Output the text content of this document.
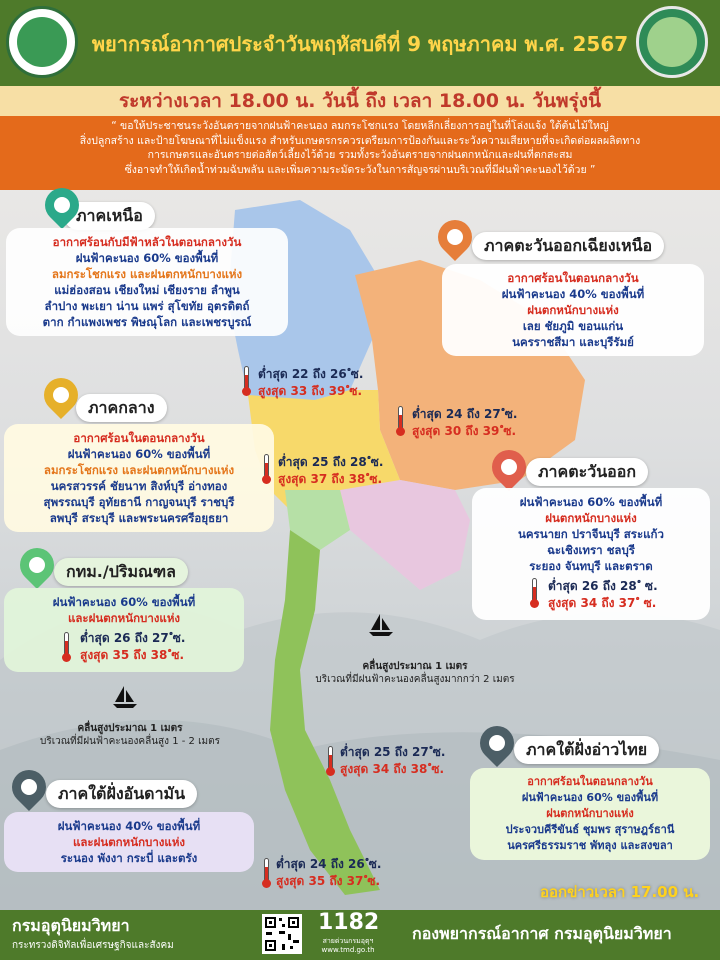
พยากรณ์อากาศประจำวันพฤหัสบดีที่ 9 พฤษภาคม พ.ศ. 2567
ระหว่างเวลา 18.00 น. วันนี้ ถึง เวลา 18.00 น. วันพรุ่งนี้
“ ขอให้ประชาชนระวังอันตรายจากฝนฟ้าคะนอง ลมกระโชกแรง โดยหลีกเลี่ยงการอยู่ในที่โล่งแจ้ง ใต้ต้นไม้ใหญ่
สิ่งปลูกสร้าง และป้ายโฆษณาที่ไม่แข็งแรง สำหรับเกษตรกรควรเตรียมการป้องกันและระวังความเสียหายที่จะเกิดต่อผลผลิตทาง
การเกษตรและอันตรายต่อสัตว์เลี้ยงไว้ด้วย รวมทั้งระวังอันตรายจากฝนตกหนักและฝนที่ตกสะสม
ซึ่งอาจทำให้เกิดน้ำท่วมฉับพลัน และเพิ่มความระมัดระวังในการสัญจรผ่านบริเวณที่มีฝนฟ้าคะนองไว้ด้วย ”
ภาคเหนือ
อากาศร้อนกับมีฟ้าหลัวในตอนกลางวัน
ฝนฟ้าคะนอง 60% ของพื้นที่
ลมกระโชกแรง และฝนตกหนักบางแห่ง
แม่ฮ่องสอน เชียงใหม่ เชียงราย ลำพูน
ลำปาง พะเยา น่าน แพร่ สุโขทัย อุตรดิตถ์
ตาก กำแพงเพชร พิษณุโลก และเพชรบูรณ์
ต่ำสุด 22 ถึง 26 ํซ.
สูงสุด 33 ถึง 39 ํซ.
ภาคตะวันออกเฉียงเหนือ
อากาศร้อนในตอนกลางวัน
ฝนฟ้าคะนอง 40% ของพื้นที่
ฝนตกหนักบางแห่ง
เลย ชัยภูมิ ขอนแก่น
นครราชสีมา และบุรีรัมย์
ต่ำสุด 24 ถึง 27 ํซ.
สูงสุด 30 ถึง 39 ํซ.
ภาคกลาง
อากาศร้อนในตอนกลางวัน
ฝนฟ้าคะนอง 60% ของพื้นที่
ลมกระโชกแรง และฝนตกหนักบางแห่ง
นครสวรรค์ ชัยนาท สิงห์บุรี อ่างทอง
สุพรรณบุรี อุทัยธานี กาญจนบุรี ราชบุรี
ลพบุรี สระบุรี และพระนครศรีอยุธยา
ต่ำสุด 25 ถึง 28 ํซ.
สูงสุด 37 ถึง 38 ํซ.	ภาคตะวันออก
ฝนฟ้าคะนอง 60% ของพื้นที่
ฝนตกหนักบางแห่ง
นครนายก ปราจีนบุรี สระแก้ว
ฉะเชิงเทรา ชลบุรี
ระยอง จันทบุรี และตราด
ต่ำสุด 26 ถึง 28 ํ ซ.
สูงสุด 34 ถึง 37 ํ ซ.
กทม./ปริมณฑล
ฝนฟ้าคะนอง 60% ของพื้นที่
และฝนตกหนักบางแห่ง
ต่ำสุด 26 ถึง 27 ํซ.
สูงสุด 35 ถึง 38 ํซ.
คลื่นสูงประมาณ 1 เมตร
บริเวณที่มีฝนฟ้าคะนองคลื่นสูงมากกว่า 2 เมตร
คลื่นสูงประมาณ 1 เมตร
บริเวณที่มีฝนฟ้าคะนองคลื่นสูง 1 - 2 เมตร
ต่ำสุด 25 ถึง 27 ํซ.
สูงสุด 34 ถึง 38 ํซ.
ภาคใต้ฝั่งอ่าวไทย
อากาศร้อนในตอนกลางวัน
ฝนฟ้าคะนอง 60% ของพื้นที่
ฝนตกหนักบางแห่ง
ประจวบคีรีขันธ์ ชุมพร สุราษฎร์ธานี
นครศรีธรรมราช พัทลุง และสงขลา
ภาคใต้ฝั่งอันดามัน
ฝนฟ้าคะนอง 40% ของพื้นที่
และฝนตกหนักบางแห่ง
ระนอง พังงา กระบี่ และตรัง	ต่ำสุด 24 ถึง 26 ํซ.
สูงสุด 35 ถึง 37 ํซ.
ออกข่าวเวลา 17.00 น.
กรมอุตุนิยมวิทยา
กระทรวงดิจิทัลเพื่อเศรษฐกิจและสังคม
1182
สายด่วนกรมอุตุฯ
www.tmd.go.th
กองพยากรณ์อากาศ กรมอุตุนิยมวิทยา
